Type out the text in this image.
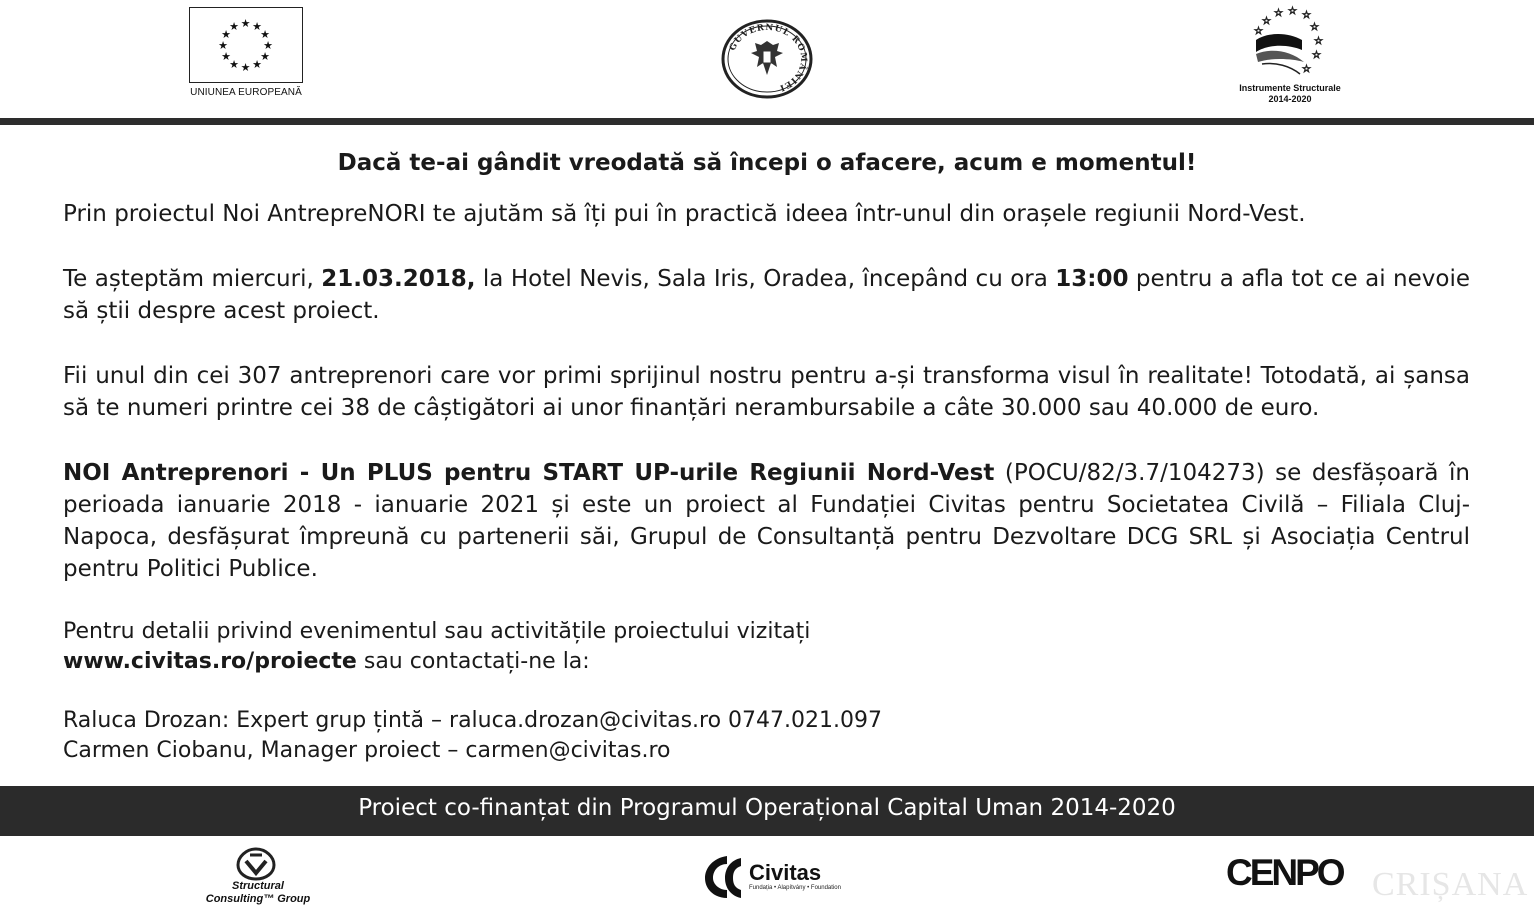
★ ★
★
★
★
★
★
★
★
★
★
★
UNIUNEA EUROPEANĂ
GUVERNUL ROMÂNIEI
☆ ☆ ☆
☆
☆
☆
☆
☆
☆
Instrumente Structurale
2014-2020
Dacă te-ai gândit vreodată să începi o afacere, acum e momentul!
Prin proiectul Noi AntrepreNORI te ajutăm să îți pui în practică ideea într-unul din orașele regiunii Nord-Vest.
Te așteptăm miercuri, 21.03.2018, la Hotel Nevis, Sala Iris, Oradea, începând cu ora 13:00 pentru a afla tot ce ai nevoie să știi despre acest proiect.
Fii unul din cei 307 antreprenori care vor primi sprijinul nostru pentru a-și transforma visul în realitate! Totodată, ai șansa să te numeri printre cei 38 de câștigători ai unor finanțări nerambursabile a câte 30.000 sau 40.000 de euro.
NOI Antreprenori - Un PLUS pentru START UP-urile Regiunii Nord-Vest (POCU/82/3.7/104273) se desfășoară în perioada ianuarie 2018 - ianuarie 2021 și este un proiect al Fundației Civitas pentru Societatea Civilă – Filiala Cluj-Napoca, desfășurat împreună cu partenerii săi, Grupul de Consultanță pentru Dezvoltare DCG SRL și Asociația Centrul pentru Politici Publice.
Pentru detalii privind evenimentul sau activitățile proiectului vizitați
www.civitas.ro/proiecte sau contactați-ne la:
Raluca Drozan: Expert grup țintă – raluca.drozan@civitas.ro 0747.021.097
Carmen Ciobanu, Manager proiect – carmen@civitas.ro
Proiect co-finanțat din Programul Operațional Capital Uman 2014-2020
Structural
Consulting™ Group
Civitas
Fundația • Alapítvány • Foundation	CENPO CRIȘANA
